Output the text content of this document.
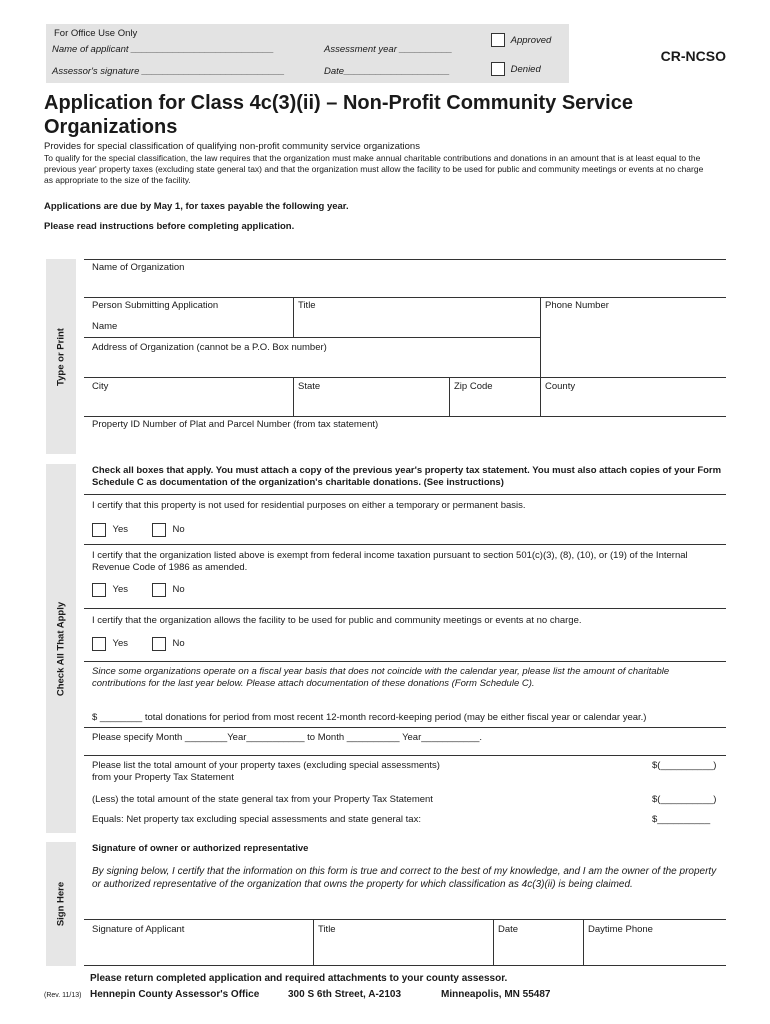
For Office Use Only
Name of applicant ___________________________	Assessment year __________
Assessor's signature ___________________________	Date____________________
Approved
Denied
CR-NCSO
Application for Class 4c(3)(ii) – Non-Profit Community Service
Organizations
Provides for special classification of qualifying non-profit community service organizations
To qualify for the special classification, the law requires that the organization must make annual charitable contributions and donations in an amount that is at least equal to the previous year' property taxes (excluding state general tax) and that the organization must allow the facility to be used for public and community meetings or events at no charge as appropriate to the size of the facility.
Applications are due by May 1, for taxes payable the following year.
Please read instructions before completing application.
Type or Print
Name of Organization
Person Submitting Application	Title	Phone Number
Name
Address of Organization (cannot be a P.O. Box number)
City	State	Zip Code	County
Property ID Number of Plat and Parcel Number (from tax statement)
Check All That Apply
Check all boxes that apply. You must attach a copy of the previous year's property tax statement. You must also attach copies of your Form Schedule C as documentation of the organization's charitable donations. (See instructions)
I certify that this property is not used for residential purposes on either a temporary or permanent basis.
Yes	No
I certify that the organization listed above is exempt from federal income taxation pursuant to section 501(c)(3), (8), (10), or (19) of the Internal Revenue Code of 1986 as amended.
Yes	No
I certify that the organization allows the facility to be used for public and community meetings or events at no charge.
Yes	No
Since some organizations operate on a fiscal year basis that does not coincide with the calendar year, please list the amount of charitable contributions for the last year below. Please attach documentation of these donations (Form Schedule C).
$ ________ total donations for period from most recent 12-month record-keeping period (may be either fiscal year or calendar year.)
Please specify Month ________Year___________ to Month __________ Year___________.
Please list the total amount of your property taxes (excluding special assessments)
from your Property Tax Statement
$(__________)
(Less) the total amount of the state general tax from your Property Tax Statement	$(__________)
Equals: Net property tax excluding special assessments and state general tax:	$__________
Sign Here
Signature of owner or authorized representative
By signing below, I certify that the information on this form is true and correct to the best of my knowledge, and I am the owner of the property or authorized representative of the organization that owns the property for which classification as 4c(3)(ii) is being claimed.
Signature of Applicant	Title	Date	Daytime Phone
Please return completed application and required attachments to your county assessor.
(Rev. 11/13) Hennepin County Assessor's Office	300 S 6th Street, A-2103	Minneapolis, MN 55487
